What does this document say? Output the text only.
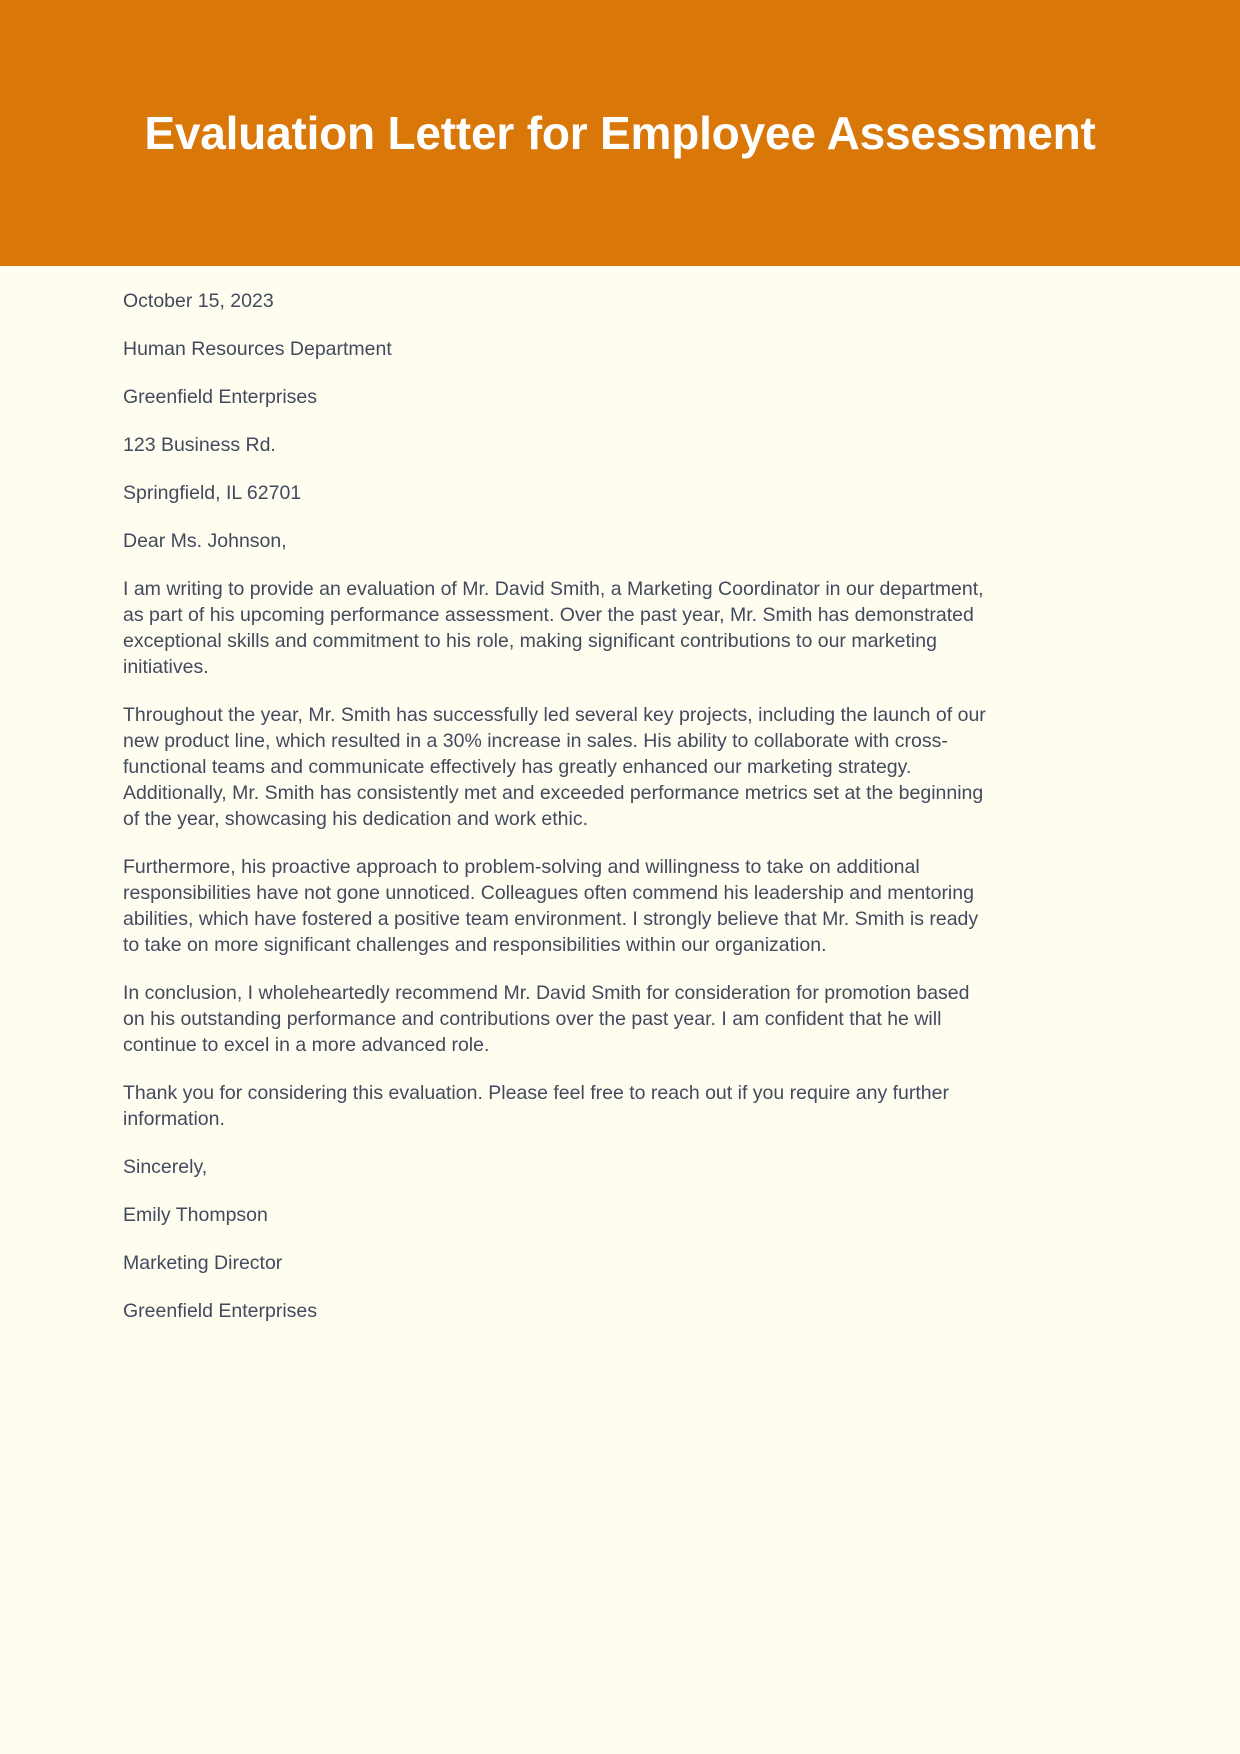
Evaluation Letter for Employee Assessment

October 15, 2023

Human Resources Department

Greenfield Enterprises

123 Business Rd.

Springfield, IL 62701

Dear Ms. Johnson,

I am writing to provide an evaluation of Mr. David Smith, a Marketing Coordinator in our department, as part of his upcoming performance assessment. Over the past year, Mr. Smith has demonstrated exceptional skills and commitment to his role, making significant contributions to our marketing initiatives.

Throughout the year, Mr. Smith has successfully led several key projects, including the launch of our new product line, which resulted in a 30% increase in sales. His ability to collaborate with cross-functional teams and communicate effectively has greatly enhanced our marketing strategy. Additionally, Mr. Smith has consistently met and exceeded performance metrics set at the beginning of the year, showcasing his dedication and work ethic.

Furthermore, his proactive approach to problem-solving and willingness to take on additional responsibilities have not gone unnoticed. Colleagues often commend his leadership and mentoring abilities, which have fostered a positive team environment. I strongly believe that Mr. Smith is ready to take on more significant challenges and responsibilities within our organization.

In conclusion, I wholeheartedly recommend Mr. David Smith for consideration for promotion based on his outstanding performance and contributions over the past year. I am confident that he will continue to excel in a more advanced role.

Thank you for considering this evaluation. Please feel free to reach out if you require any further information.

Sincerely,

Emily Thompson

Marketing Director

Greenfield Enterprises
